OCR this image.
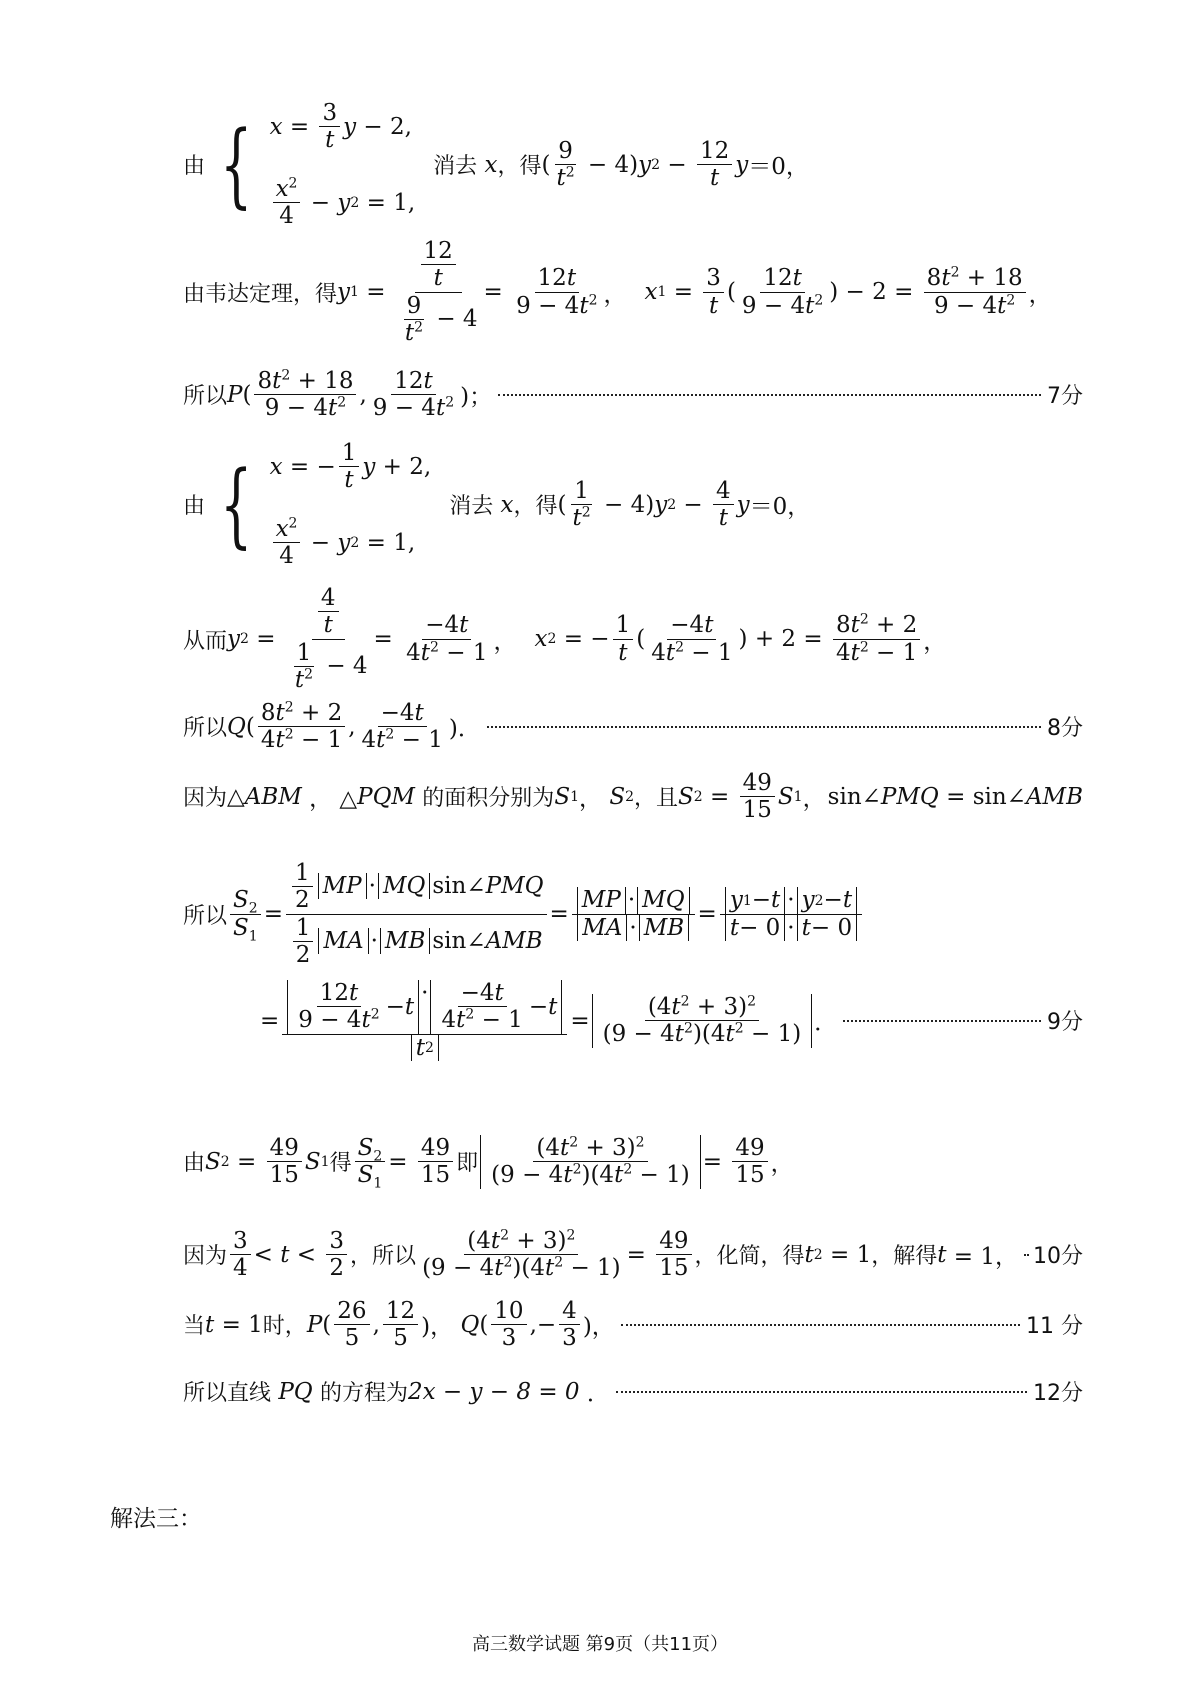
由 { $x = \frac{3}{t}$ y − 2,
$\frac{x^2}{4} - y$ 2 = 1,
消去 x ，得 ( $\frac{9}{t^2} - 4$) y $2 - \frac{12}{t}$ y ＝0，
由韦达定理，得 y $1 = \frac{\frac{12}{t}}{\frac{9}{t^2} - 4} = \frac{12t}{9 - 4t^2}$ ， x $1 = \frac{3}{t}$ ( $\frac{12t}{9 - 4t^2}$ ) − $2 = \frac{8t^2 + 18}{9 - 4t^2}$ ，
所以 P ( $\frac{8t^2 + 18}{9 - 4t^2}$ , $\frac{12t}{9 - 4t^2}$ )；	7分
由 { x = − $\frac{1}{t}$ y + 2,
$\frac{x^2}{4} - y$ 2 = 1,
消去 x ，得 ( $\frac{1}{t^2} - 4$) y $2 - \frac{4}{t}$ y ＝0，
从而 y $2 = \frac{\frac{4}{t}}{\frac{1}{t^2} - 4} = \frac{-4t}{4t^2 - 1}$ ， x 2 = − $\frac{1}{t}$ ( $\frac{-4t}{4t^2 - 1}$ ) + $2 = \frac{8t^2 + 2}{4t^2 - 1}$ ，
所以 Q ( $\frac{8t^2 + 2}{4t^2 - 1}$ , $\frac{-4t}{4t^2 - 1}$ )．	8分
因为 △ ABM ， △ PQM
的面积分别为 S 1 ， S 2 ，且 S $2 = \frac{49}{15}$ S 1 ，
sin∠ PMQ = sin∠ AMB
所以 $\frac{S_2}{S_1} = \frac{\frac{1}{2} MP \cdot MQ \sin\angle PMQ}{\frac{1}{2} MA \cdot MB \sin\angle AMB} = \frac{MP \cdot MQ}{MA \cdot MB} = \frac{y 1 - t \cdot y 2 - t}{t - 0 \cdot t - 0}$
= $\frac{12t}{9 - 4t^2} - t$
· $\frac{-4t}{4t^2 - 1} - t$
t $2 = \frac{(4t^2 + 3)^2}{(9 - 4t^2)(4t^2 - 1)}$ ．	9分
由 S $2 = \frac{49}{15}$ S 1 得 $\frac{S_2}{S_1} = \frac{49}{15}$ 即 $\frac{(4t^2 + 3)^2}{(9 - 4t^2)(4t^2 - 1)} = \frac{49}{15}$ ，
因为 $\frac{3}{4} < t < \frac{3}{2}$ ，所以 $\frac{(4t^2 + 3)^2}{(9 - 4t^2)(4t^2 - 1)} = \frac{49}{15}$ ，化简，得 t 2 = 1 ，解得 t = 1， 10分
当 t = 1 时， P ( $\frac{26}{5}$ , $\frac{12}{5}$ )， Q ( $\frac{10}{3}$ ,− $\frac{4}{3}$ )，	11 分
所以直线
PQ
的方程为 2x − y − 8 = 0 ．	12分
解法三：
高三数学试题 第9页（共11页）
